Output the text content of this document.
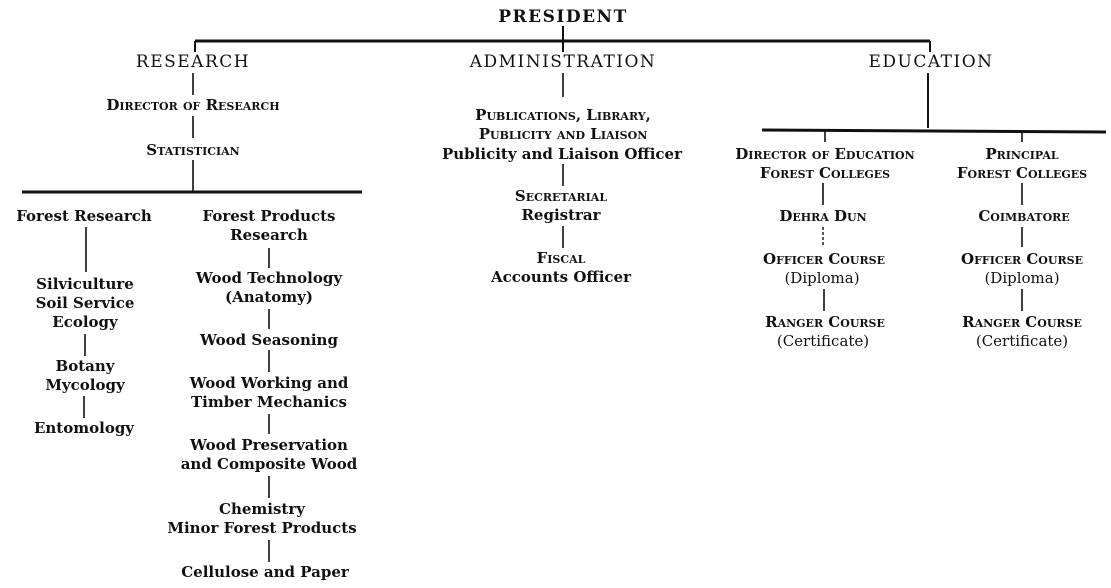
PRESIDENT
RESEARCH
Director of Research
Statistician
Forest Research
Silviculture
Soil Service
Ecology
Botany
Mycology
Entomology
Forest Products
Research
Wood Technology
(Anatomy)
Wood Seasoning
Wood Working and
Timber Mechanics
Wood Preservation
and Composite Wood
Chemistry
Minor Forest Products
Cellulose and Paper
ADMINISTRATION
Publications, Library,
Publicity and Liaison
Publicity and Liaison Officer
Secretarial
Registrar
Fiscal
Accounts Officer
EDUCATION
Director of Education
Forest Colleges
Dehra Dun
Officer Course
(Diploma)
Ranger Course
(Certificate)
Principal
Forest Colleges
Coimbatore
Officer Course
(Diploma)
Ranger Course
(Certificate)
